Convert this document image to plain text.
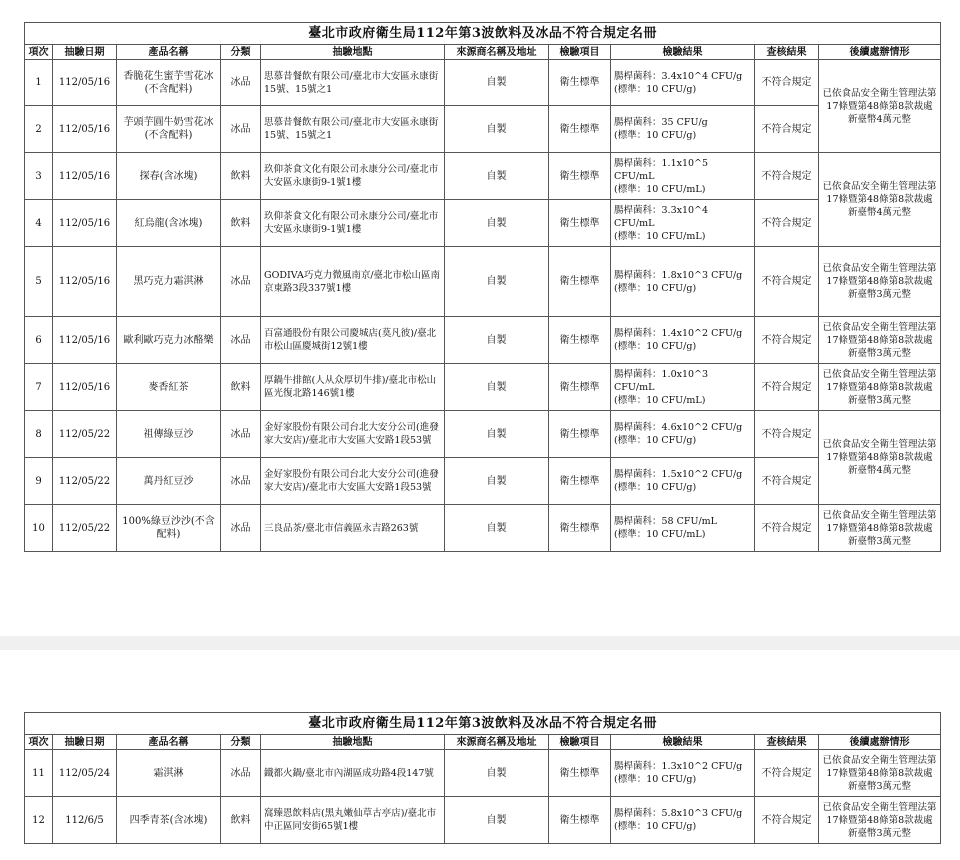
臺北市政府衛生局112年第3波飲料及冰品不符合規定名冊									
項次	抽驗日期	產品名稱	分類	抽驗地點	來源商名稱及地址	檢驗項目	檢驗結果	查核結果	後續處辦情形
1	112/05/16	香脆花生蜜芋雪花冰(不含配料)	冰品	思慕昔餐飲有限公司/臺北市大安區永康街15號、15號之1	自製	衛生標準	腸桿菌科：3.4x10^4 CFU/g
(標準：10 CFU/g)	不符合規定	已依食品安全衛生管理法第17條暨第48條第8款裁處新臺幣4萬元整
2	112/05/16	芋頭芋圓牛奶雪花冰(不含配料)	冰品	思慕昔餐飲有限公司/臺北市大安區永康街15號、15號之1	自製	衛生標準	腸桿菌科：35 CFU/g
(標準：10 CFU/g)	不符合規定	
3	112/05/16	探春(含冰塊)	飲料	玖仰茶食文化有限公司永康分公司/臺北市大安區永康街9-1號1樓	自製	衛生標準	腸桿菌科：1.1x10^5 CFU/mL
(標準：10 CFU/mL)	不符合規定	已依食品安全衛生管理法第17條暨第48條第8款裁處新臺幣4萬元整
4	112/05/16	紅烏龍(含冰塊)	飲料	玖仰茶食文化有限公司永康分公司/臺北市大安區永康街9-1號1樓	自製	衛生標準	腸桿菌科：3.3x10^4 CFU/mL
(標準：10 CFU/mL)	不符合規定	
5	112/05/16	黑巧克力霜淇淋	冰品	GODIVA巧克力微風南京/臺北市松山區南京東路3段337號1樓	自製	衛生標準	腸桿菌科：1.8x10^3 CFU/g
(標準：10 CFU/g)	不符合規定	已依食品安全衛生管理法第17條暨第48條第8款裁處新臺幣3萬元整
6	112/05/16	歐利歐巧克力冰酪樂	冰品	百富通股份有限公司慶城店(莫凡彼)/臺北市松山區慶城街12號1樓	自製	衛生標準	腸桿菌科：1.4x10^2 CFU/g
(標準：10 CFU/g)	不符合規定	已依食品安全衛生管理法第17條暨第48條第8款裁處新臺幣3萬元整
7	112/05/16	麥香紅茶	飲料	厚鍋牛排館(人从众厚切牛排)/臺北市松山區光復北路146號1樓	自製	衛生標準	腸桿菌科：1.0x10^3 CFU/mL
(標準：10 CFU/mL)	不符合規定	已依食品安全衛生管理法第17條暨第48條第8款裁處新臺幣3萬元整
8	112/05/22	祖傳綠豆沙	冰品	金好家股份有限公司台北大安分公司(進發家大安店)/臺北市大安區大安路1段53號	自製	衛生標準	腸桿菌科：4.6x10^2 CFU/g
(標準：10 CFU/g)	不符合規定	已依食品安全衛生管理法第17條暨第48條第8款裁處新臺幣4萬元整
9	112/05/22	萬丹紅豆沙	冰品	金好家股份有限公司台北大安分公司(進發家大安店)/臺北市大安區大安路1段53號	自製	衛生標準	腸桿菌科：1.5x10^2 CFU/g
(標準：10 CFU/g)	不符合規定	
10	112/05/22	100%綠豆沙沙(不含配料)	冰品	三良品茶/臺北市信義區永吉路263號	自製	衛生標準	腸桿菌科：58 CFU/mL
(標準：10 CFU/mL)	不符合規定	已依食品安全衛生管理法第17條暨第48條第8款裁處新臺幣3萬元整
臺北市政府衛生局112年第3波飲料及冰品不符合規定名冊									
項次	抽驗日期	產品名稱	分類	抽驗地點	來源商名稱及地址	檢驗項目	檢驗結果	查核結果	後續處辦情形
11	112/05/24	霜淇淋	冰品	鐵都火鍋/臺北市內湖區成功路4段147號	自製	衛生標準	腸桿菌科：1.3x10^2 CFU/g
(標準：10 CFU/g)	不符合規定	已依食品安全衛生管理法第17條暨第48條第8款裁處新臺幣3萬元整
12	112/6/5	四季青茶(含冰塊)	飲料	窩臻恩飲料店(黑丸嫩仙草古亭店)/臺北市中正區同安街65號1樓	自製	衛生標準	腸桿菌科：5.8x10^3 CFU/g
(標準：10 CFU/g)	不符合規定	已依食品安全衛生管理法第17條暨第48條第8款裁處新臺幣3萬元整
